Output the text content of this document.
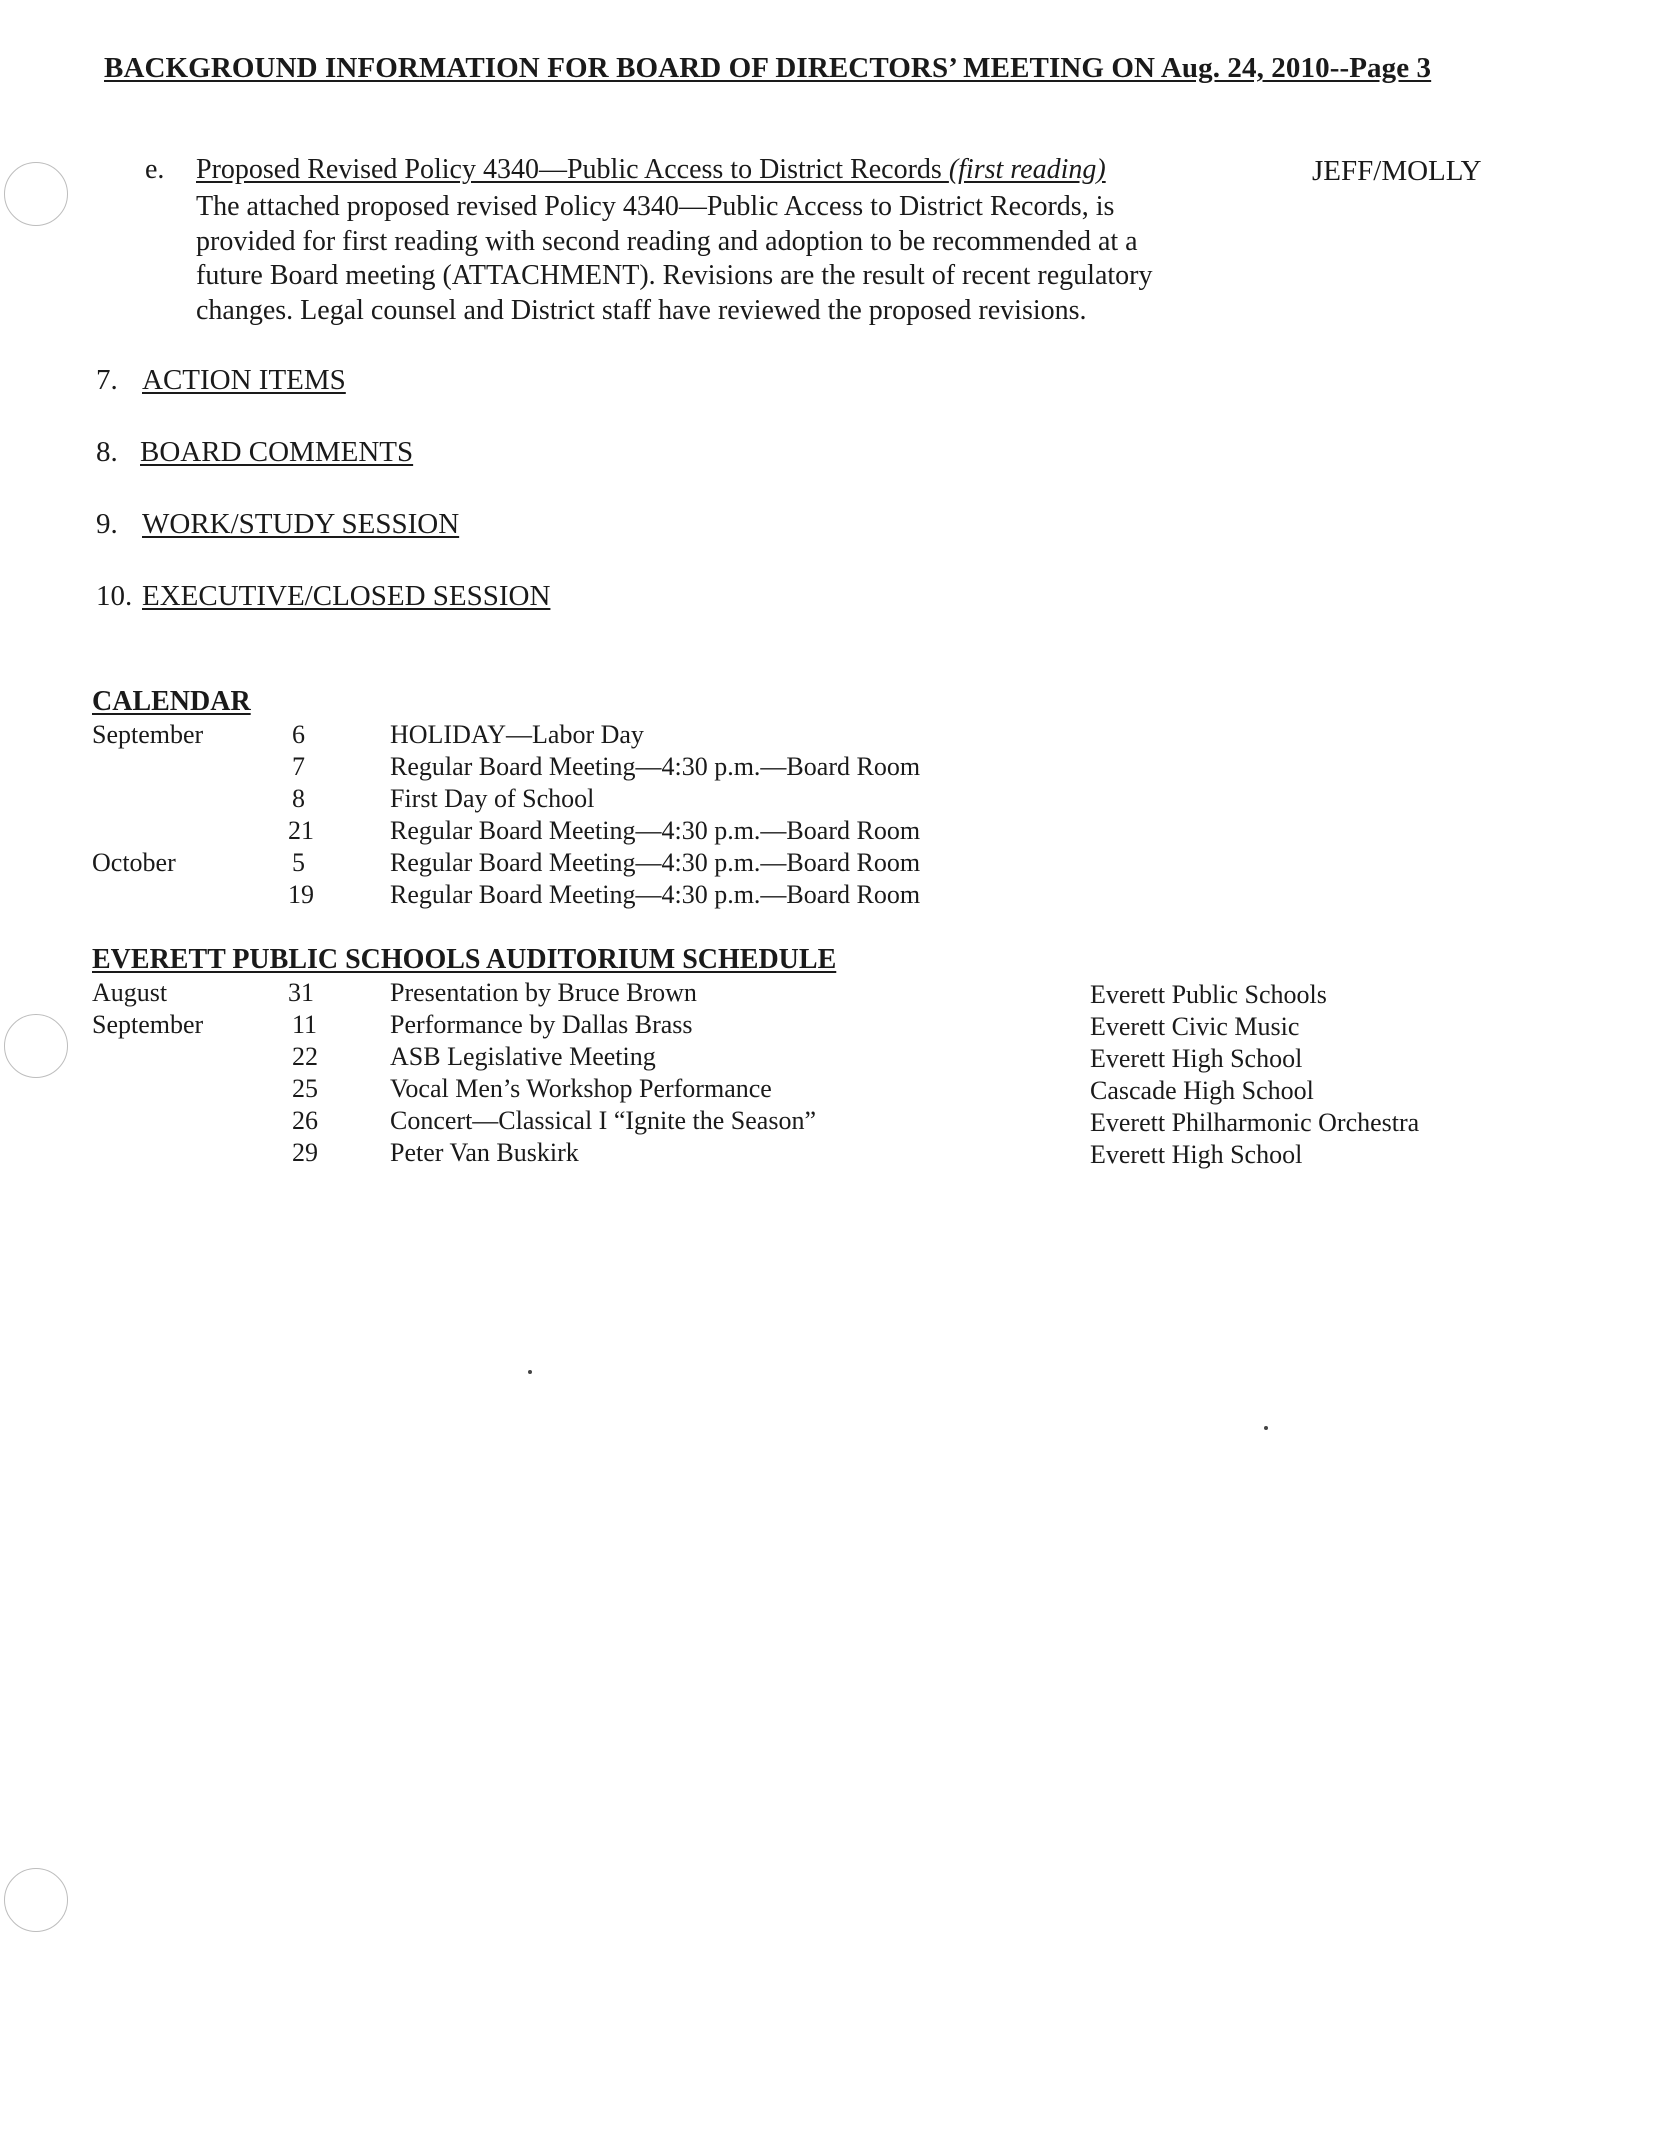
BACKGROUND INFORMATION FOR BOARD OF DIRECTORS’ MEETING ON Aug. 24, 2010--Page 3
e. Proposed Revised Policy 4340—Public Access to District Records (first reading)	JEFF/MOLLY
The attached proposed revised Policy 4340—Public Access to District Records, is
provided for first reading with second reading and adoption to be recommended at a
future Board meeting (ATTACHMENT). Revisions are the result of recent regulatory
changes. Legal counsel and District staff have reviewed the proposed revisions.
7. ACTION ITEMS
8. BOARD COMMENTS
9. WORK/STUDY SESSION
10. EXECUTIVE/CLOSED SESSION
CALENDAR
September	6	HOLIDAY—Labor Day
7	Regular Board Meeting—4:30 p.m.—Board Room
8	First Day of School
21	Regular Board Meeting—4:30 p.m.—Board Room
October	5	Regular Board Meeting—4:30 p.m.—Board Room
19	Regular Board Meeting—4:30 p.m.—Board Room
EVERETT PUBLIC SCHOOLS AUDITORIUM SCHEDULE
August	31	Presentation by Bruce Brown	Everett Public Schools
September	11	Performance by Dallas Brass	Everett Civic Music
22	ASB Legislative Meeting	Everett High School
25	Vocal Men’s Workshop Performance	Cascade High School
26	Concert—Classical I “Ignite the Season”	Everett Philharmonic Orchestra
29	Peter Van Buskirk	Everett High School
